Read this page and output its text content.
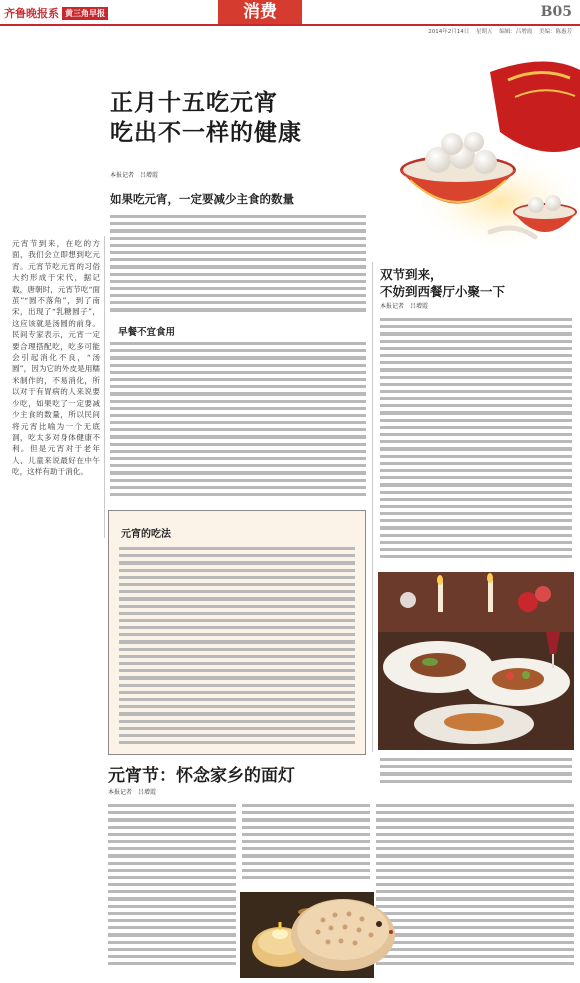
齐鲁晚报系 黄三角早报	消费	B05
2014年2月14日 星期五 编辑：吕增霞 美编：陈惠芳
正月十五吃元宵
吃出不一样的健康
本报记者　吕增霞
如果吃元宵，一定要减少主食的数量
元宵节到来，在吃的方面，我们会立即想到吃元宵。元宵节吃元宵的习俗大约形成于宋代，据记载，唐朝时，元宵节吃“面茧”“圆不落角”，到了南宋，出现了“乳糖圆子”，这应该就是汤圆的前身。民间专家表示，元宵一定要合理搭配吃，吃多可能会引起消化不良，“汤圆”，因为它的外皮是用糯米制作的，不易消化，所以对于有胃病的人来说要少吃，如果吃了一定要减少主食的数量，所以民间将元宵比喻为一个无底洞，吃太多对身体健康不利。但是元宵对于老年人、儿童来说最好在中午吃，这样有助于消化。
早餐不宜食用
元宵的吃法
元宵节：怀念家乡的面灯
本报记者　吕增霞
双节到来，
不妨到西餐厅小聚一下
本报记者　吕增霞
